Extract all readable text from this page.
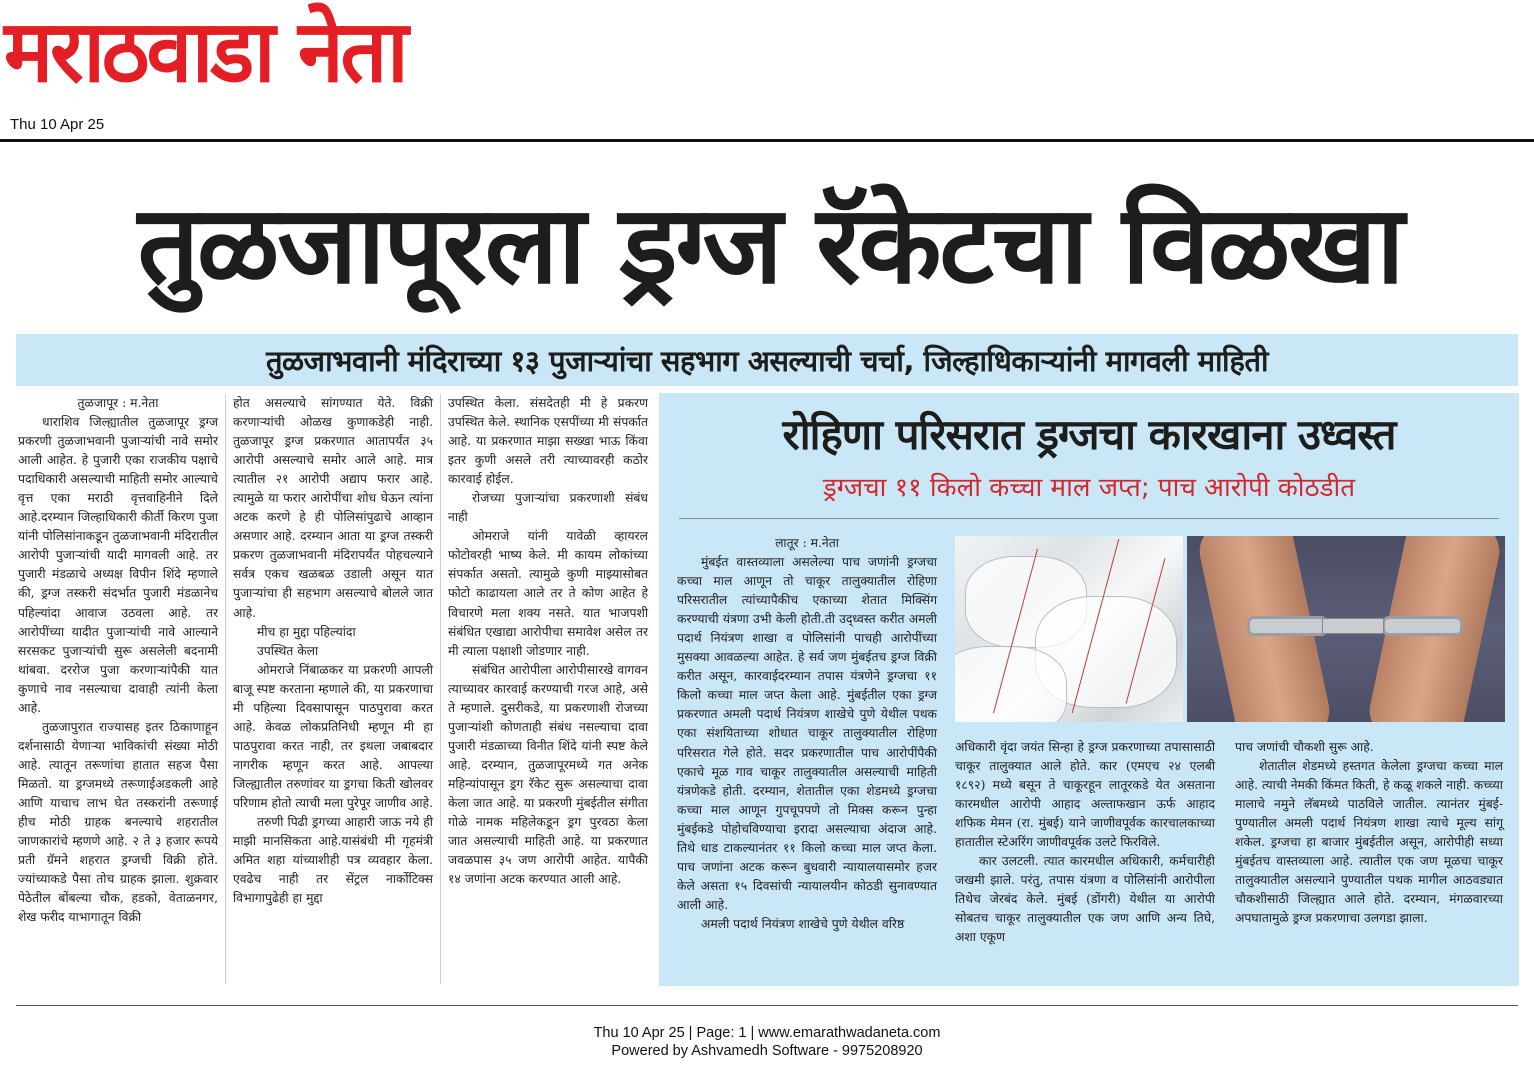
मराठवाडा नेता
Thu 10 Apr 25
तुळजापूरला ड्रग्ज रॅकेटचा विळखा
तुळजाभवानी मंदिराच्या १३ पुजाऱ्यांचा सहभाग असल्याची चर्चा, जिल्हाधिकाऱ्यांनी मागवली माहिती

तुळजापूर : म.नेता

धाराशिव जिल्ह्यातील तुळजापूर ड्रग्ज प्रकरणी तुळजाभवानी पुजाऱ्यांची नावे समोर आली आहेत. हे पुजारी एका राजकीय पक्षाचे पदाधिकारी असल्याची माहिती समोर आल्याचे वृत्त एका मराठी वृत्तवाहिनीने दिले आहे.दरम्यान जिल्हाधिकारी कीर्ती किरण पुजा यांनी पोलिसांनाकडून तुळजाभवानी मंदिरातील आरोपी पुजाऱ्यांची यादी मागवली आहे. तर पुजारी मंडळाचे अध्यक्ष विपीन शिंदे म्हणाले की, ड्रग्ज तस्करी संदर्भात पुजारी मंडळानेच पहिल्यांदा आवाज उठवला आहे. तर आरोपींच्या यादीत पुजाऱ्यांची नावे आल्याने सरसकट पुजाऱ्यांची सुरू असलेली बदनामी थांबवा. दररोज पुजा करणाऱ्यांपैकी यात कुणाचे नाव नसल्याचा दावाही त्यांनी केला आहे.

तुळजापुरात राज्यासह इतर ठिकाणाहून दर्शनासाठी येणाऱ्या भाविकांची संख्या मोठी आहे. त्यातून तरूणांचा हातात सहज पैसा मिळतो. या ड्रग्जमध्ये तरूणाईअडकली आहे आणि याचाच लाभ घेत तस्करांनी तरूणाई हीच मोठी ग्राहक बनल्याचे शहरातील जाणकारांचे म्हणणे आहे. २ ते ३ हजार रूपये प्रती ग्रॅमने शहरात ड्रग्जची विक्री होते. ज्यांच्याकडे पैसा तोच ग्राहक झाला. शुक्रवार पेठेतील बोंबल्या चौक, हडको, वेताळनगर, शेख फरीद याभागातून विक्री

होत असल्याचे सांगण्यात येते. विक्री करणाऱ्यांची ओळख कुणाकडेही नाही. तुळजापूर ड्रग्ज प्रकरणात आतापर्यंत ३५ आरोपी असल्याचे समोर आले आहे. मात्र त्यातील २१ आरोपी अद्याप फरार आहे. त्यामुळे या फरार आरोपींचा शोध घेऊन त्यांना अटक करणे हे ही पोलिसांपुढाचे आव्हान असणार आहे. दरम्यान आता या ड्रग्ज तस्करी प्रकरण तुळजाभवानी मंदिरापर्यंत पोहचल्याने सर्वत्र एकच खळबळ उडाली असून यात पुजाऱ्यांचा ही सहभाग असल्याचे बोलले जात आहे.

मीच हा मुद्दा पहिल्यांदा

उपस्थित केला

ओमराजे निंबाळकर या प्रकरणी आपली बाजू स्पष्ट करताना म्हणाले की, या प्रकरणाचा मी पहिल्या दिवसापासून पाठपुरावा करत आहे. केवळ लोकप्रतिनिधी म्हणून मी हा पाठपुरावा करत नाही, तर इथला जबाबदार नागरीक म्हणून करत आहे. आपल्या जिल्ह्यातील तरुणांवर या ड्रगचा किती खोलवर परिणाम होतो त्याची मला पुरेपूर जाणीव आहे.

तरुणी पिढी ड्रगच्या आहारी जाऊ नये ही माझी मानसिकता आहे.यासंबंधी मी गृहमंत्री अमित शहा यांच्याशीही पत्र व्यवहार केला. एवढेच नाही तर सेंट्रल नार्कोटिक्स विभागापुढेही हा मुद्दा

उपस्थित केला. संसदेतही मी हे प्रकरण उपस्थित केले. स्थानिक एसपींच्या मी संपर्कात आहे. या प्रकरणात माझा सख्खा भाऊ किंवा इतर कुणी असले तरी त्याच्यावरही कठोर कारवाई होईल.

रोजच्या पुजाऱ्यांचा प्रकरणाशी संबंध नाही

ओमराजे यांनी यावेळी व्हायरल फोटोवरही भाष्य केले. मी कायम लोकांच्या संपर्कात असतो. त्यामुळे कुणी माझ्यासोबत फोटो काढायला आले तर ते कोण आहेत हे विचारणे मला शक्य नसते. यात भाजपशी संबंधित एखाद्या आरोपीचा समावेश असेल तर मी त्याला पक्षाशी जोडणार नाही.

संबंधित आरोपीला आरोपीसारखे वागवन त्याच्यावर कारवाई करण्याची गरज आहे, असे ते म्हणाले. दुसरीकडे, या प्रकरणाशी रोजच्या पुजाऱ्यांशी कोणताही संबंध नसल्याचा दावा पुजारी मंडळाच्या विनीत शिंदे यांनी स्पष्ट केले आहे. दरम्यान, तुळजापूरमध्ये गत अनेक महिन्यांपासून ड्रग रॅकेट सुरू असल्याचा दावा केला जात आहे. या प्रकरणी मुंबईतील संगीता गोळे नामक महिलेकडून ड्रग पुरवठा केला जात असल्याची माहिती आहे. या प्रकरणात जवळपास ३५ जण आरोपी आहेत. यापैकी १४ जणांना अटक करण्यात आली आहे.

रोहिणा परिसरात ड्रग्जचा कारखाना उध्वस्त
ड्रग्जचा ११ किलो कच्चा माल जप्त; पाच आरोपी कोठडीत

लातूर : म.नेता

मुंबईत वास्तव्याला असलेल्या पाच जणांनी ड्रग्जचा कच्चा माल आणून तो चाकूर तालुक्यातील रोहिणा परिसरातील त्यांच्यापैकीच एकाच्या शेतात मिक्सिंग करण्याची यंत्रणा उभी केली होती.ती उद्ध्वस्त करीत अमली पदार्थ नियंत्रण शाखा व पोलिसांनी पाचही आरोपींच्या मुसक्या आवळल्या आहेत. हे सर्व जण मुंबईतच ड्रग्ज विक्री करीत असून, कारवाईदरम्यान तपास यंत्रणेने ड्रग्जचा ११ किलो कच्चा माल जप्त केला आहे. मुंबईतील एका ड्रग्ज प्रकरणात अमली पदार्थ नियंत्रण शाखेचे पुणे येथील पथक एका संशयिताच्या शोधात चाकूर तालुक्यातील रोहिणा परिसरात गेले होते. सदर प्रकरणातील पाच आरोपींपैकी एकाचे मूळ गाव चाकूर तालुक्यातील असल्याची माहिती यंत्रणेकडे होती. दरम्यान, शेतातील एका शेडमध्ये ड्रग्जचा कच्चा माल आणून गुपचूपपणे तो मिक्स करून पुन्हा मुंबईकडे पोहोचविण्याचा इरादा असल्याचा अंदाज आहे. तिथे धाड टाकल्यानंतर ११ किलो कच्चा माल जप्त केला. पाच जणांना अटक करून बुधवारी न्यायालयासमोर हजर केले असता १५ दिवसांची न्यायालयीन कोठडी सुनावण्यात आली आहे.

अमली पदार्थ नियंत्रण शाखेचे पुणे येथील वरिष्ठ

अधिकारी वृंदा जयंत सिन्हा हे ड्रग्ज प्रकरणाच्या तपासासाठी चाकूर तालुक्यात आले होते. कार (एमएच २४ एलबी १८९२) मध्ये बसून ते चाकूरहून लातूरकडे येत असताना कारमधील आरोपी आहाद अल्ताफखान ऊर्फ आहाद शफिक मेमन (रा. मुंबई) याने जाणीवपूर्वक कारचालकाच्या हातातील स्टेअरिंग जाणीवपूर्वक उलटे फिरविले.

कार उलटली. त्यात कारमधील अधिकारी, कर्मचारीही जखमी झाले. परंतु, तपास यंत्रणा व पोलिसांनी आरोपीला तिथेच जेरबंद केले. मुंबई (डोंगरी) येथील या आरोपी सोबतच चाकूर तालुक्यातील एक जण आणि अन्य तिघे, अशा एकूण

पाच जणांची चौकशी सुरू आहे.

शेतातील शेडमध्ये हस्तगत केलेला ड्रग्जचा कच्चा माल आहे. त्याची नेमकी किंमत किती, हे कळू शकले नाही. कच्च्या मालाचे नमुने लॅबमध्ये पाठविले जातील. त्यानंतर मुंबई-पुण्यातील अमली पदार्थ नियंत्रण शाखा त्याचे मूल्य सांगू शकेल. ड्रग्जचा हा बाजार मुंबईतील असून, आरोपीही सध्या मुंबईतच वास्तव्याला आहे. त्यातील एक जण मूळचा चाकूर तालुक्यातील असल्याने पुण्यातील पथक मागील आठवड्यात चौकशीसाठी जिल्ह्यात आले होते. दरम्यान, मंगळवारच्या अपघातामुळे ड्रग्ज प्रकरणाचा उलगडा झाला.

Thu 10 Apr 25 | Page: 1 | www.emarathwadaneta.com
Powered by Ashvamedh Software - 9975208920
